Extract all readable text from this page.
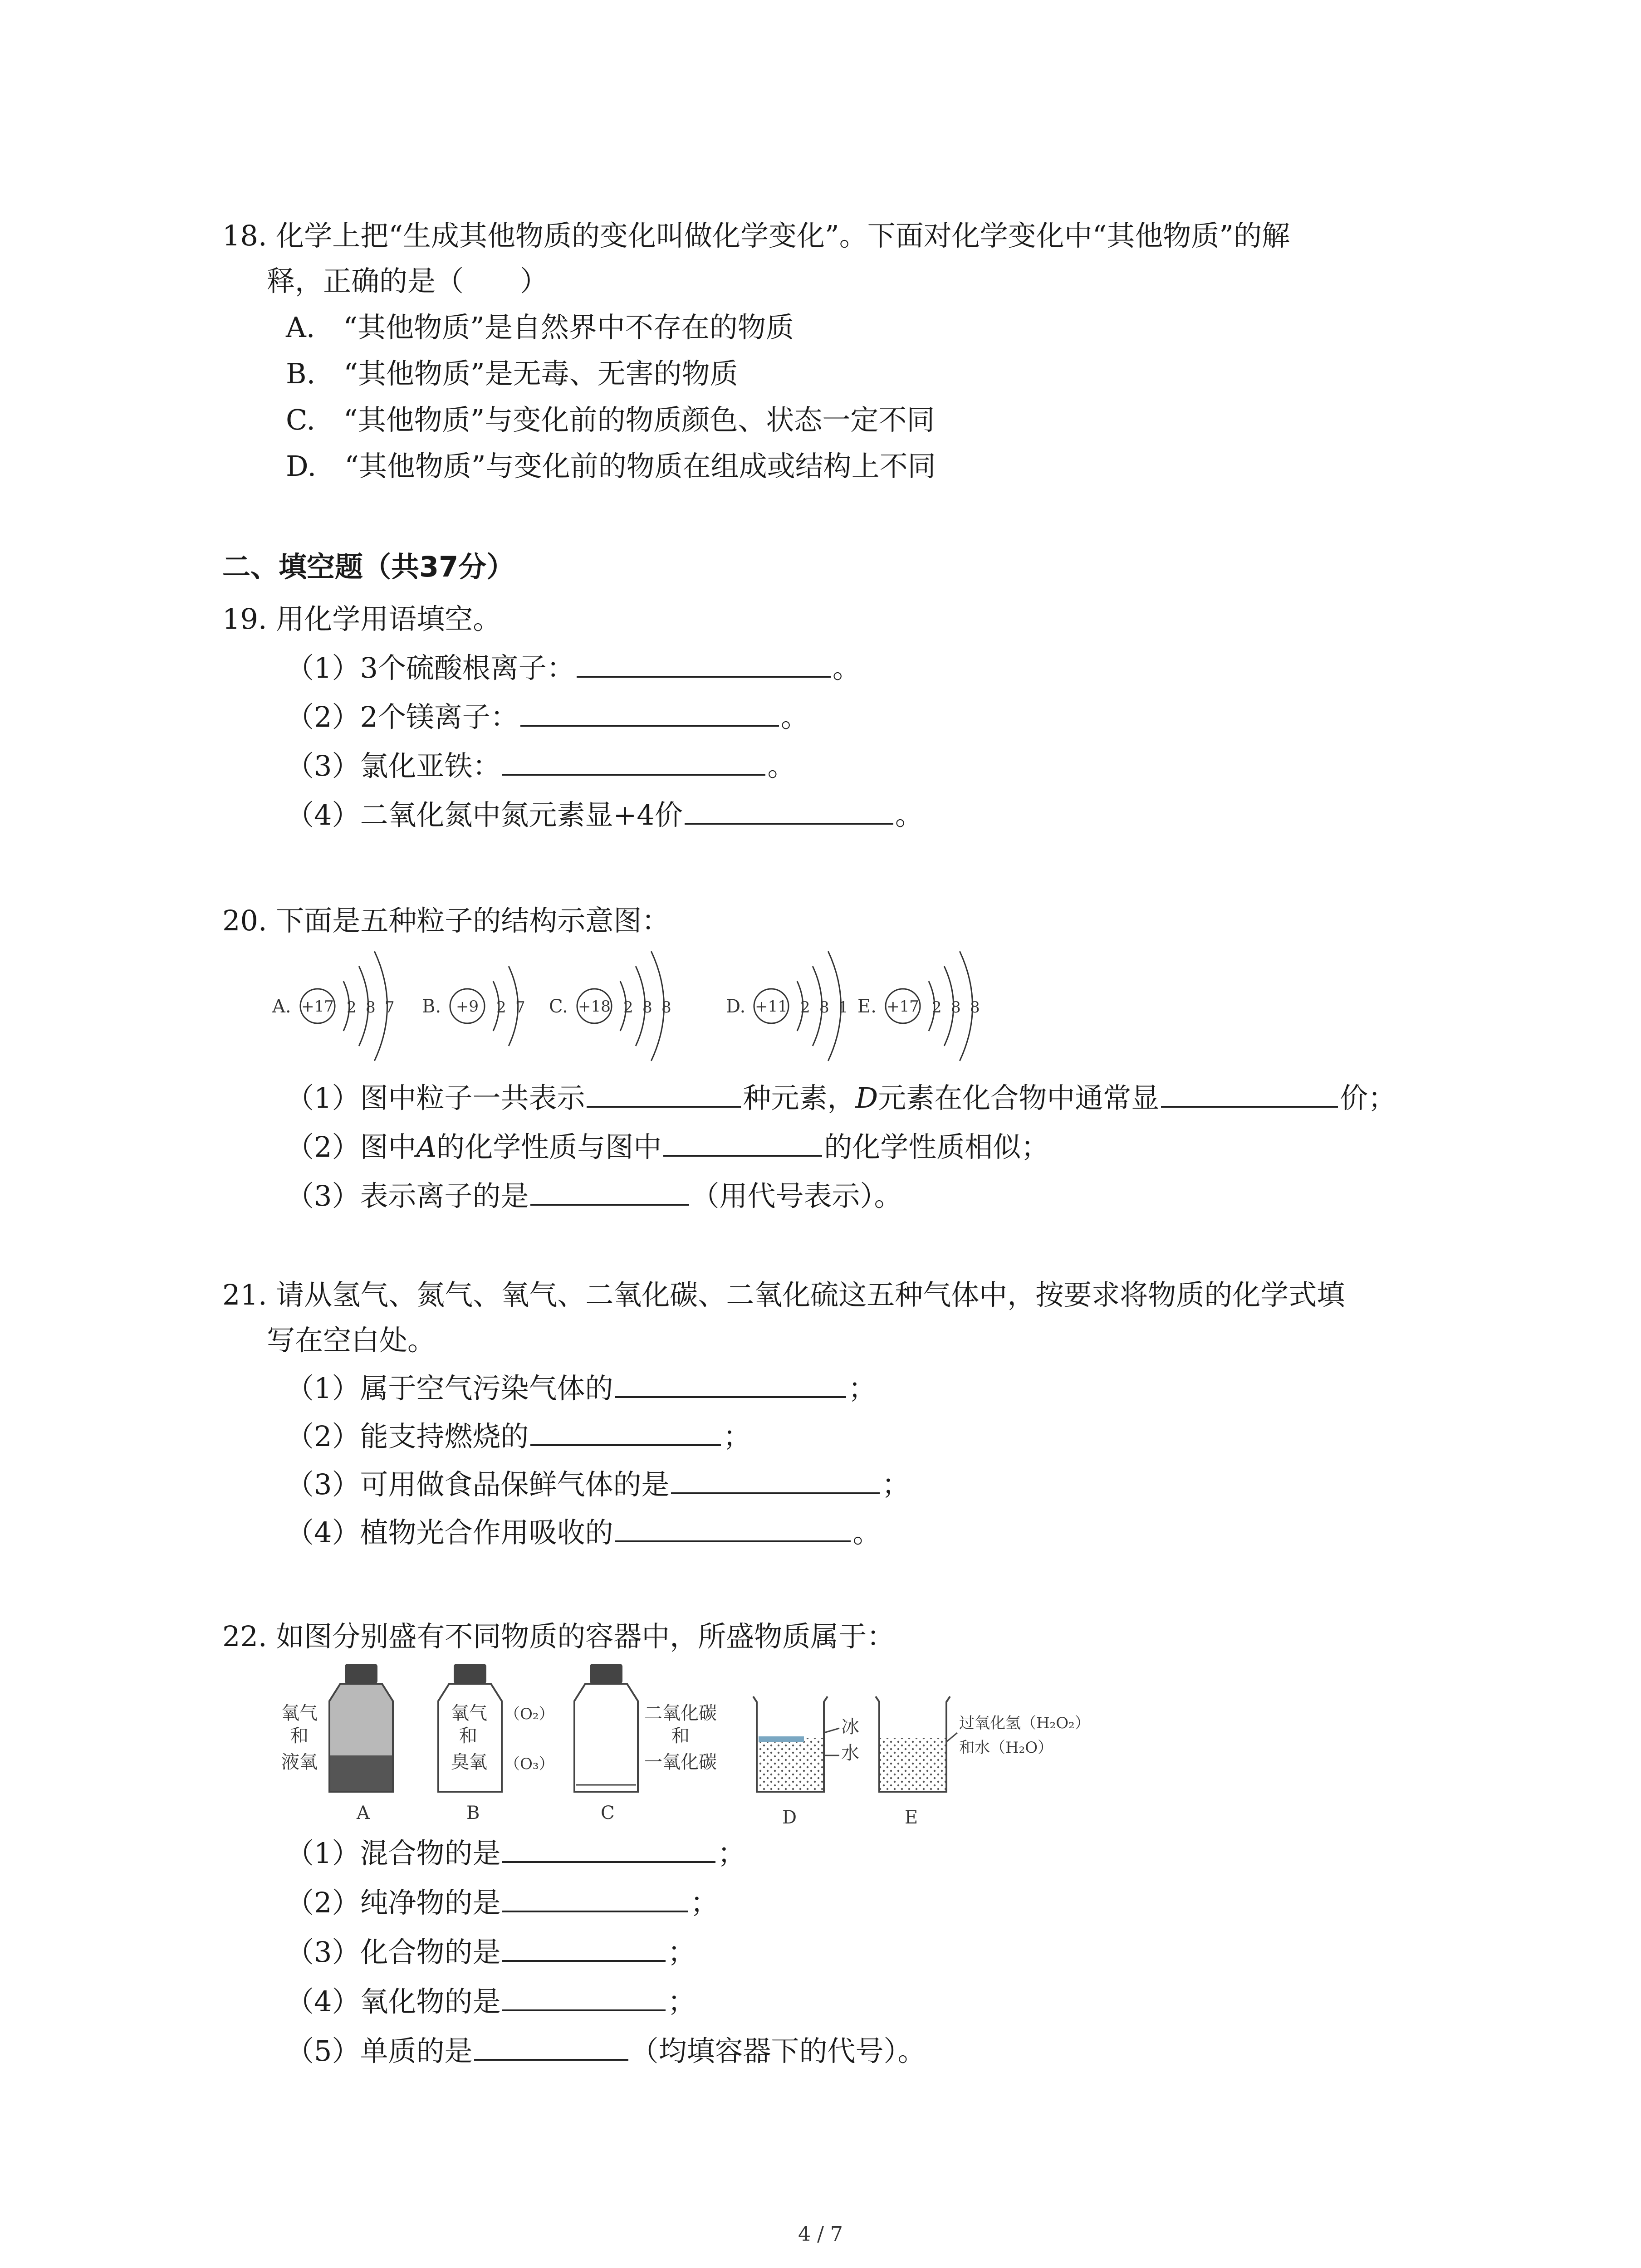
18. 化学上把“生成其他物质的变化叫做化学变化”。下面对化学变化中“其他物质”的解
释，正确的是（　　）
A.　“其他物质”是自然界中不存在的物质
B.　“其他物质”是无毒、无害的物质
C.　“其他物质”与变化前的物质颜色、状态一定不同
D.　“其他物质”与变化前的物质在组成或结构上不同
二、填空题（共37分）
19. 用化学用语填空。
（1）3个硫酸根离子：	。
（2）2个镁离子：	。
（3）氯化亚铁：	。
（4）二氧化氮中氮元素显+4价	。
20. 下面是五种粒子的结构示意图：
A. +17 2 8 7 B. +9 2 7 C. +18 2 8 8	D. +11 2 8 1 E. +17 2 8 8
（1）图中粒子一共表示	种元素，D元素在化合物中通常显	价；
（2）图中A的化学性质与图中	的化学性质相似；
（3）表示离子的是	（用代号表示）。
21. 请从氢气、氮气、氧气、二氧化碳、二氧化硫这五种气体中，按要求将物质的化学式填
写在空白处。
（1）属于空气污染气体的	；
（2）能支持燃烧的	；
（3）可用做食品保鲜气体的是	；
（4）植物光合作用吸收的	。
22. 如图分别盛有不同物质的容器中，所盛物质属于：
氧气
和
液氧
A
氧气
和
臭氧
（O₂）
（O₃）
B
二氧化碳
和
一氧化碳
C
冰
水
D
过氧化氢（H₂O₂）
和水（H₂O）
E
（1）混合物的是	；
（2）纯净物的是	；
（3）化合物的是	；
（4）氧化物的是	；
（5）单质的是	（均填容器下的代号）。
4 / 7
